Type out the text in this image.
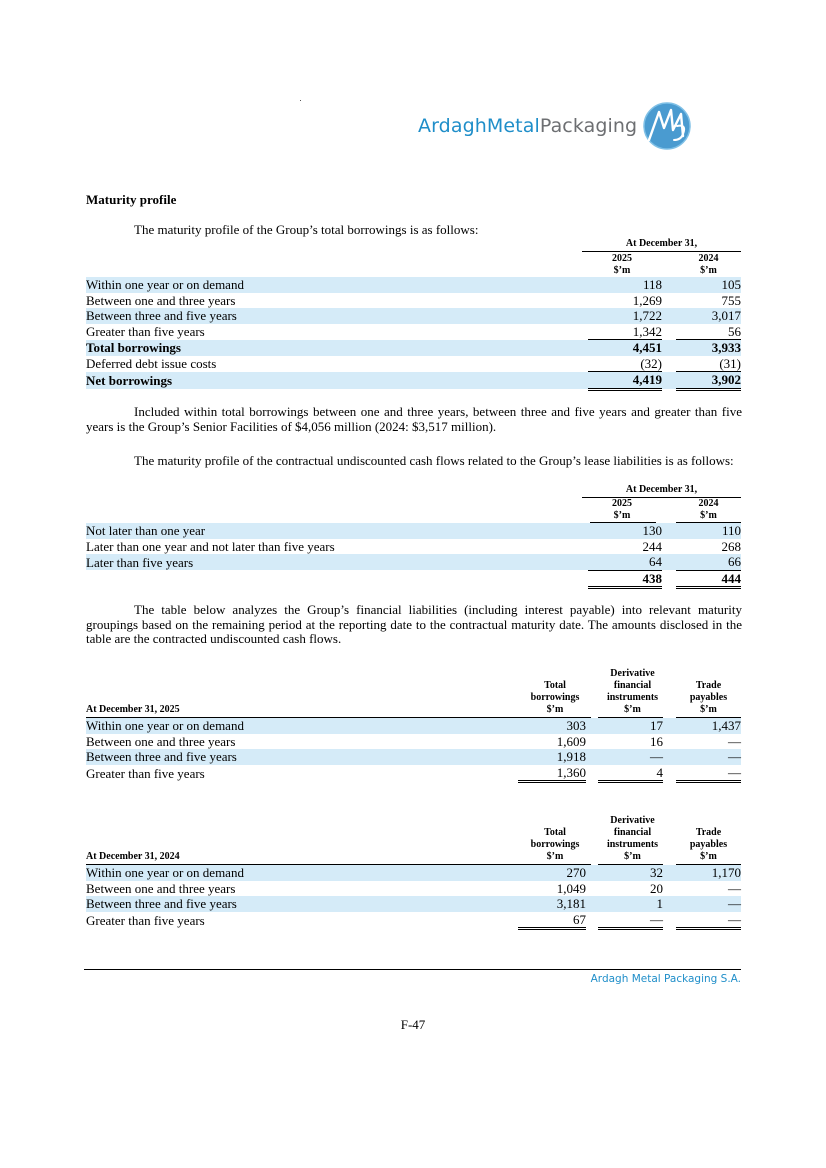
ArdaghMetalPackaging
Maturity profile
The maturity profile of the Group’s total borrowings is as follows:
At December 31,
2025
$’m
2024
$’m
Within one year or on demand	118		105
Between one and three years	1,269		755
Between three and five years	1,722		3,017
Greater than five years	1,342		56
Total borrowings	4,451		3,933
Deferred debt issue costs	(32)		(31)
Net borrowings	4,419		3,902
Included within total borrowings between one and three years, between three and five years and greater than five years is the Group’s Senior Facilities of $4,056 million (2024: $3,517 million).
The maturity profile of the contractual undiscounted cash flows related to the Group’s lease liabilities is as follows:
At December 31,
2025
$’m
2024
$’m
Not later than one year	130		110
Later than one year and not later than five years	244		268
Later than five years	64		66
	438		444
The table below analyzes the Group’s financial liabilities (including interest payable) into relevant maturity groupings based on the remaining period at the reporting date to the contractual maturity date. The amounts disclosed in the table are the contracted undiscounted cash flows.
Total
borrowings
$’m
Derivative
financial
instruments
$’m
Trade
payables
$’m
At December 31, 2025
Within one year or on demand	303		17		1,437
Between one and three years	1,609		16		—
Between three and five years	1,918		—		—
Greater than five years	1,360		4		—
Total
borrowings
$’m
Derivative
financial
instruments
$’m
Trade
payables
$’m
At December 31, 2024
Within one year or on demand	270		32		1,170
Between one and three years	1,049		20		—
Between three and five years	3,181		1		—
Greater than five years	67		—		—
Ardagh Metal Packaging S.A.
F-47
